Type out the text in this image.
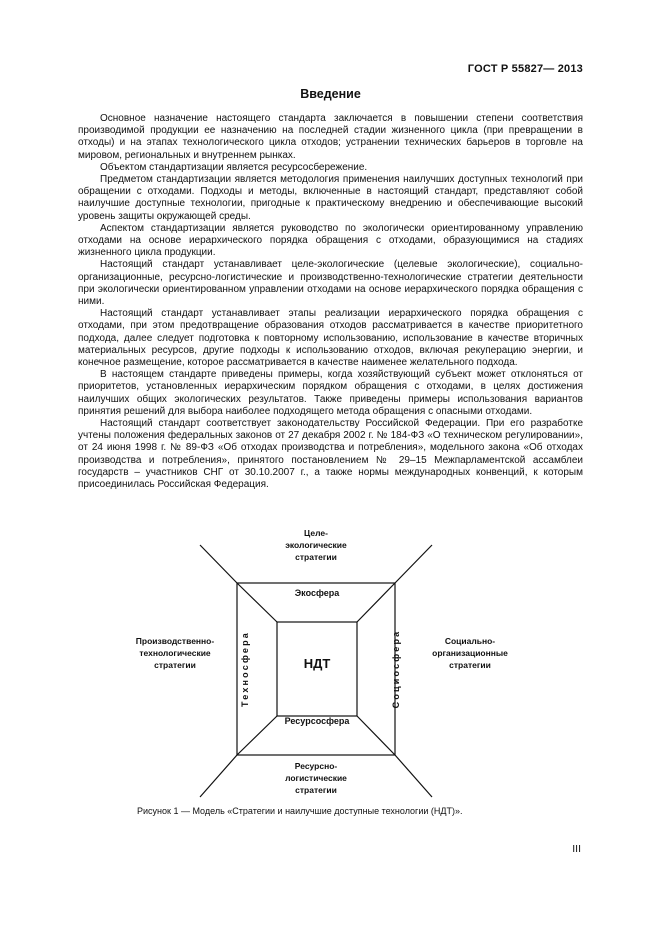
ГОСТ Р 55827— 2013
Введение

Основное назначение настоящего стандарта заключается в повышении степени соответствия производимой продукции ее назначению на последней стадии жизненного цикла (при превращении в отходы) и на этапах технологического цикла отходов; устранении технических барьеров в торговле на мировом, региональных и внутреннем рынках.

Объектом стандартизации является ресурсосбережение.

Предметом стандартизации является методология применения наилучших доступных технологий при обращении с отходами. Подходы и методы, включенные в настоящий стандарт, представляют собой наилучшие доступные технологии, пригодные к практическому внедрению и обеспечивающие высокий уровень защиты окружающей среды.

Аспектом стандартизации является руководство по экологически ориентированному управлению отходами на основе иерархического порядка обращения с отходами, образующимися на стадиях жизненного цикла продукции.

Настоящий стандарт устанавливает целе-экологические (целевые экологические), социально-организационные, ресурсно-логистические и производственно-технологические стратегии деятельности при экологически ориентированном управлении отходами на основе иерархического порядка обращения с ними.

Настоящий стандарт устанавливает этапы реализации иерархического порядка обращения с отходами, при этом предотвращение образования отходов рассматривается в качестве приоритетного подхода, далее следует подготовка к повторному использованию, использование в качестве вторичных материальных ресурсов, другие подходы к использованию отходов, включая рекуперацию энергии, и конечное размещение, которое рассматривается в качестве наименее желательного подхода.

В настоящем стандарте приведены примеры, когда хозяйствующий субъект может отклоняться от приоритетов, установленных иерархическим порядком обращения с отходами, в целях достижения наилучших общих экологических результатов. Также приведены примеры использования вариантов принятия решений для выбора наиболее подходящего метода обращения с опасными отходами.

Настоящий стандарт соответствует законодательству Российской Федерации. При его разработке учтены положения федеральных законов от 27 декабря 2002 г. № 184-ФЗ «О техническом регулировании», от 24 июня 1998 г. № 89-ФЗ «Об отходах производства и потребления», модельного закона «Об отходах производства и потребления», принятого постановлением № 29–15 Межпарламентской ассамблеи государств – участников СНГ от 30.10.2007 г., а также нормы международных конвенций, к которым присоединилась Российская Федерация.

Целе-
экологические
стратегии
Производственно-
технологические
стратегии
Социально-
организационные
стратегии
Ресурсно-
логистические
стратегии
Экосфера
Ресурсосфера
НДТ
Техносфера	Социосфера
Рисунок 1 — Модель «Стратегии и наилучшие доступные технологии (НДТ)».
III
